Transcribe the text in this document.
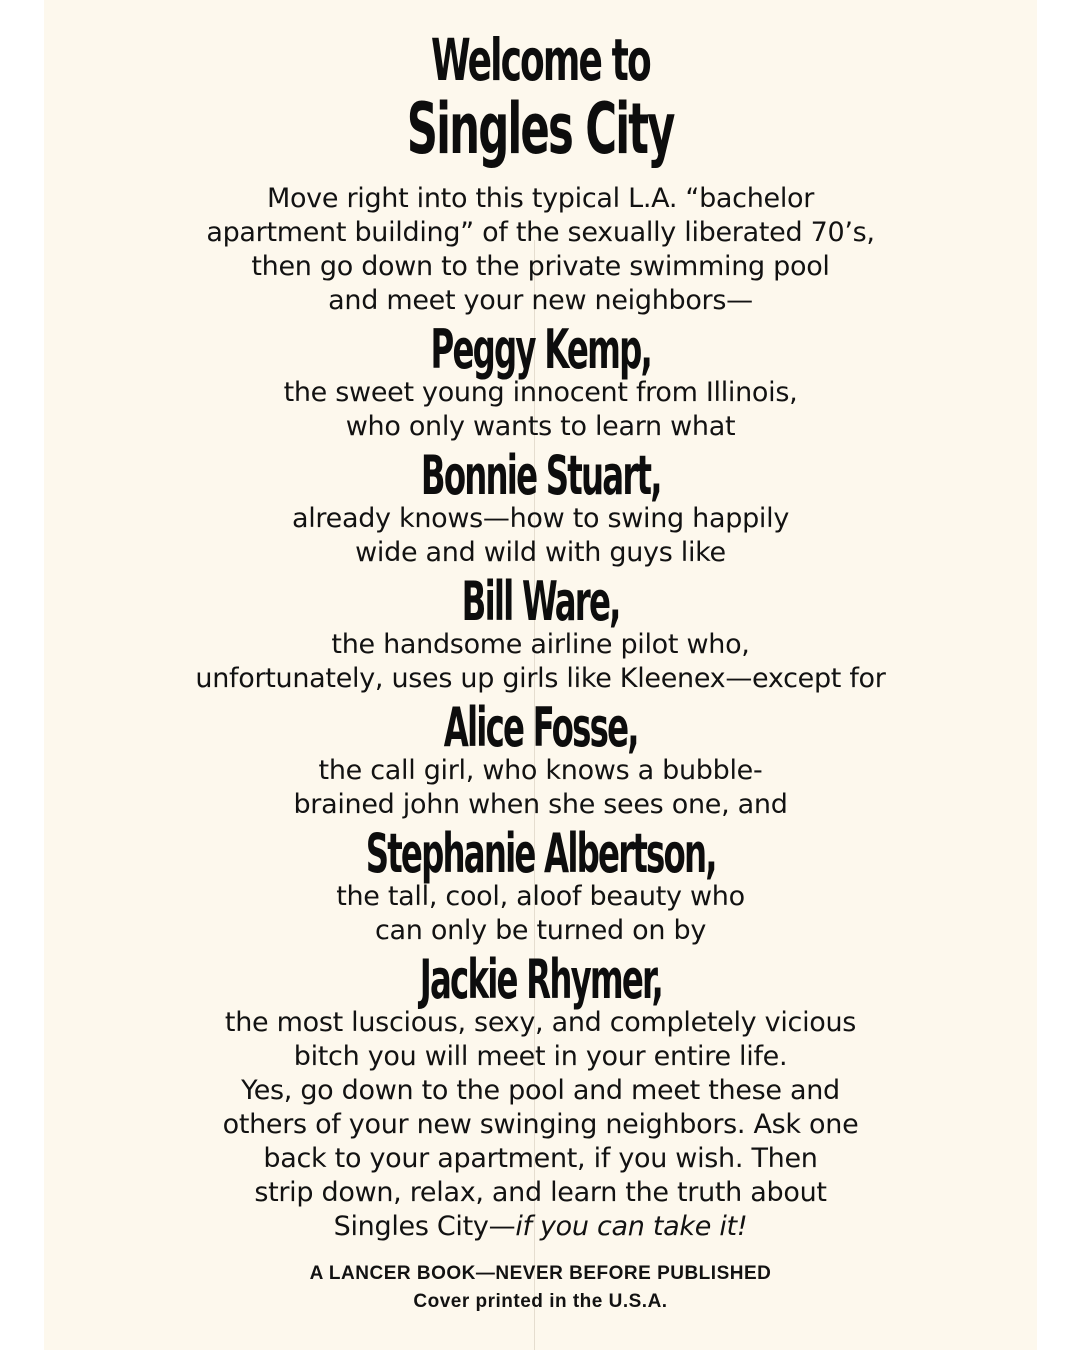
Welcome to
Singles City

Move right into this typical L.A. “bachelor

apartment building” of the sexually liberated 70’s,

then go down to the private swimming pool

and meet your new neighbors—

Peggy Kemp,

the sweet young innocent from Illinois,

who only wants to learn what

Bonnie Stuart,

already knows—how to swing happily

wide and wild with guys like

Bill Ware,

the handsome airline pilot who,

unfortunately, uses up girls like Kleenex—except for

Alice Fosse,

the call girl, who knows a bubble-

brained john when she sees one, and

Stephanie Albertson,

the tall, cool, aloof beauty who

can only be turned on by

Jackie Rhymer,

the most luscious, sexy, and completely vicious

bitch you will meet in your entire life.

Yes, go down to the pool and meet these and

others of your new swinging neighbors. Ask one

back to your apartment, if you wish. Then

strip down, relax, and learn the truth about

Singles City—if you can take it!

A LANCER BOOK—NEVER BEFORE PUBLISHED

Cover printed in the U.S.A.
